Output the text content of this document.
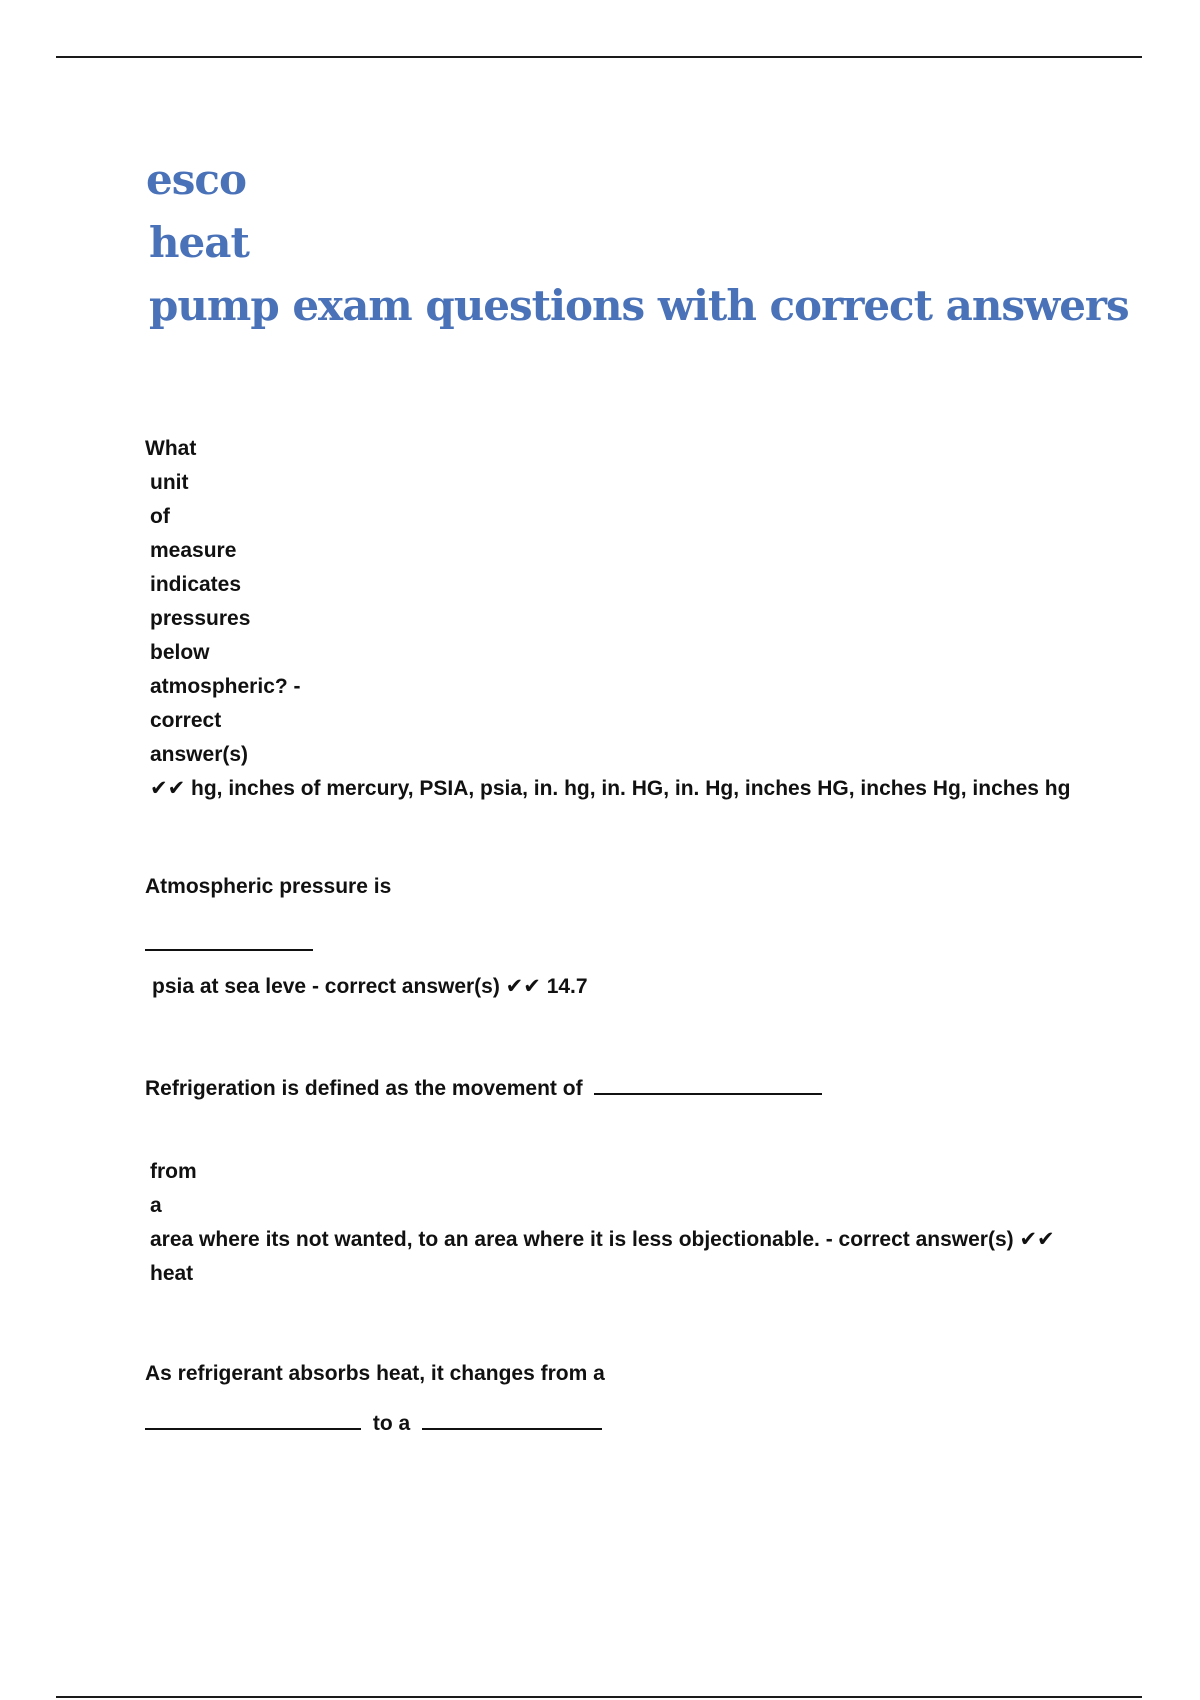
esco
heat
pump exam questions with correct answers
What
unit
of
measure
indicates
pressures
below
atmospheric? -
correct
answer(s)
✔✔ hg, inches of mercury, PSIA, psia, in. hg, in. HG, in. Hg, inches HG, inches Hg, inches hg
Atmospheric pressure is
psia at sea leve - correct answer(s) ✔✔ 14.7
Refrigeration is defined as the movement of
from
a
area where its not wanted, to an area where it is less objectionable. - correct answer(s) ✔✔
heat
As refrigerant absorbs heat, it changes from a
to a
